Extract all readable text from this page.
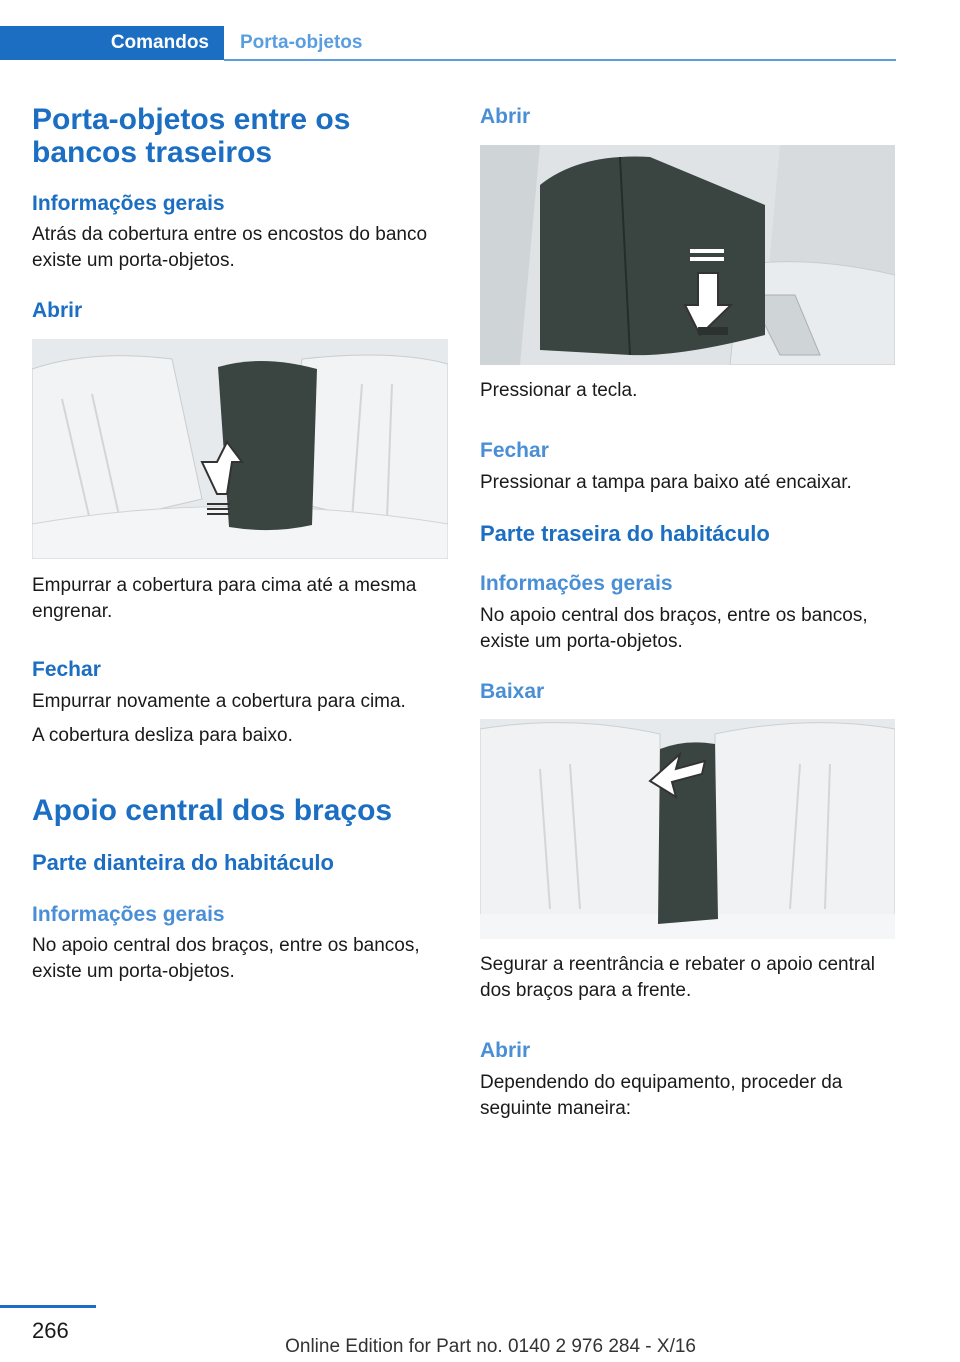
Comandos	Porta-objetos
Porta-objetos entre os bancos traseiros
Informações gerais

Atrás da cobertura entre os encostos do banco existe um porta-objetos.

Abrir

Empurrar a cobertura para cima até a mesma engrenar.

Fechar

Empurrar novamente a cobertura para cima.

A cobertura desliza para baixo.

Apoio central dos braços
Parte dianteira do habitáculo
Informações gerais

No apoio central dos braços, entre os bancos, existe um porta-objetos.

Abrir

Pressionar a tecla.

Fechar

Pressionar a tampa para baixo até encaixar.

Parte traseira do habitáculo
Informações gerais

No apoio central dos braços, entre os bancos, existe um porta-objetos.

Baixar

Segurar a reentrância e rebater o apoio central dos braços para a frente.

Abrir

Dependendo do equipamento, proceder da seguinte maneira:

266
Online Edition for Part no. 0140 2 976 284 - X/16
